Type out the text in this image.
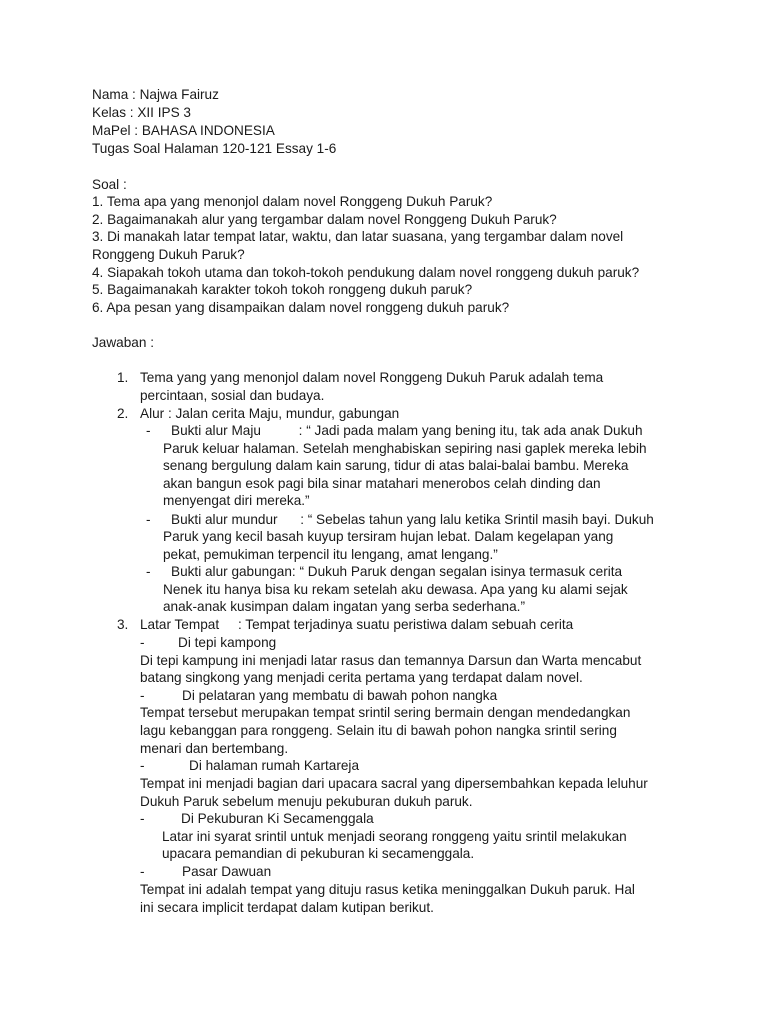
Nama : Najwa Fairuz
Kelas : XII IPS 3
MaPel : BAHASA INDONESIA
Tugas Soal Halaman 120-121 Essay 1-6
Soal :
1. Tema apa yang menonjol dalam novel Ronggeng Dukuh Paruk?
2. Bagaimanakah alur yang tergambar dalam novel Ronggeng Dukuh Paruk?
3. Di manakah latar tempat latar, waktu, dan latar suasana, yang tergambar dalam novel
Ronggeng Dukuh Paruk?
4. Siapakah tokoh utama dan tokoh-tokoh pendukung dalam novel ronggeng dukuh paruk?
5. Bagaimanakah karakter tokoh tokoh ronggeng dukuh paruk?
6. Apa pesan yang disampaikan dalam novel ronggeng dukuh paruk?
Jawaban :
1. Tema yang yang menonjol dalam novel Ronggeng Dukuh Paruk adalah tema
percintaan, sosial dan budaya.
2. Alur : Jalan cerita Maju, mundur, gabungan
- Bukti alur Maju          : “ Jadi pada malam yang bening itu, tak ada anak Dukuh
Paruk keluar halaman. Setelah menghabiskan sepiring nasi gaplek mereka lebih
senang bergulung dalam kain sarung, tidur di atas balai-balai bambu. Mereka
akan bangun esok pagi bila sinar matahari menerobos celah dinding dan
menyengat diri mereka.”
- Bukti alur mundur      : “ Sebelas tahun yang lalu ketika Srintil masih bayi. Dukuh
Paruk yang kecil basah kuyup tersiram hujan lebat. Dalam kegelapan yang
pekat, pemukiman terpencil itu lengang, amat lengang.”
- Bukti alur gabungan: “ Dukuh Paruk dengan segalan isinya termasuk cerita
Nenek itu hanya bisa ku rekam setelah aku dewasa. Apa yang ku alami sejak
anak-anak kusimpan dalam ingatan yang serba sederhana.”
3. Latar Tempat     : Tempat terjadinya suatu peristiwa dalam sebuah cerita
- Di tepi kampong
Di tepi kampung ini menjadi latar rasus dan temannya Darsun dan Warta mencabut
batang singkong yang menjadi cerita pertama yang terdapat dalam novel.
-	Di pelataran yang membatu di bawah pohon nangka
Tempat tersebut merupakan tempat srintil sering bermain dengan mendedangkan
lagu kebanggan para ronggeng. Selain itu di bawah pohon nangka srintil sering
menari dan bertembang.
-	Di halaman rumah Kartareja
Tempat ini menjadi bagian dari upacara sacral yang dipersembahkan kepada leluhur
Dukuh Paruk sebelum menuju pekuburan dukuh paruk.
-	Di Pekuburan Ki Secamenggala
Latar ini syarat srintil untuk menjadi seorang ronggeng yaitu srintil melakukan
upacara pemandian di pekuburan ki secamenggala.
-	Pasar Dawuan
Tempat ini adalah tempat yang dituju rasus ketika meninggalkan Dukuh paruk. Hal
ini secara implicit terdapat dalam kutipan berikut.
